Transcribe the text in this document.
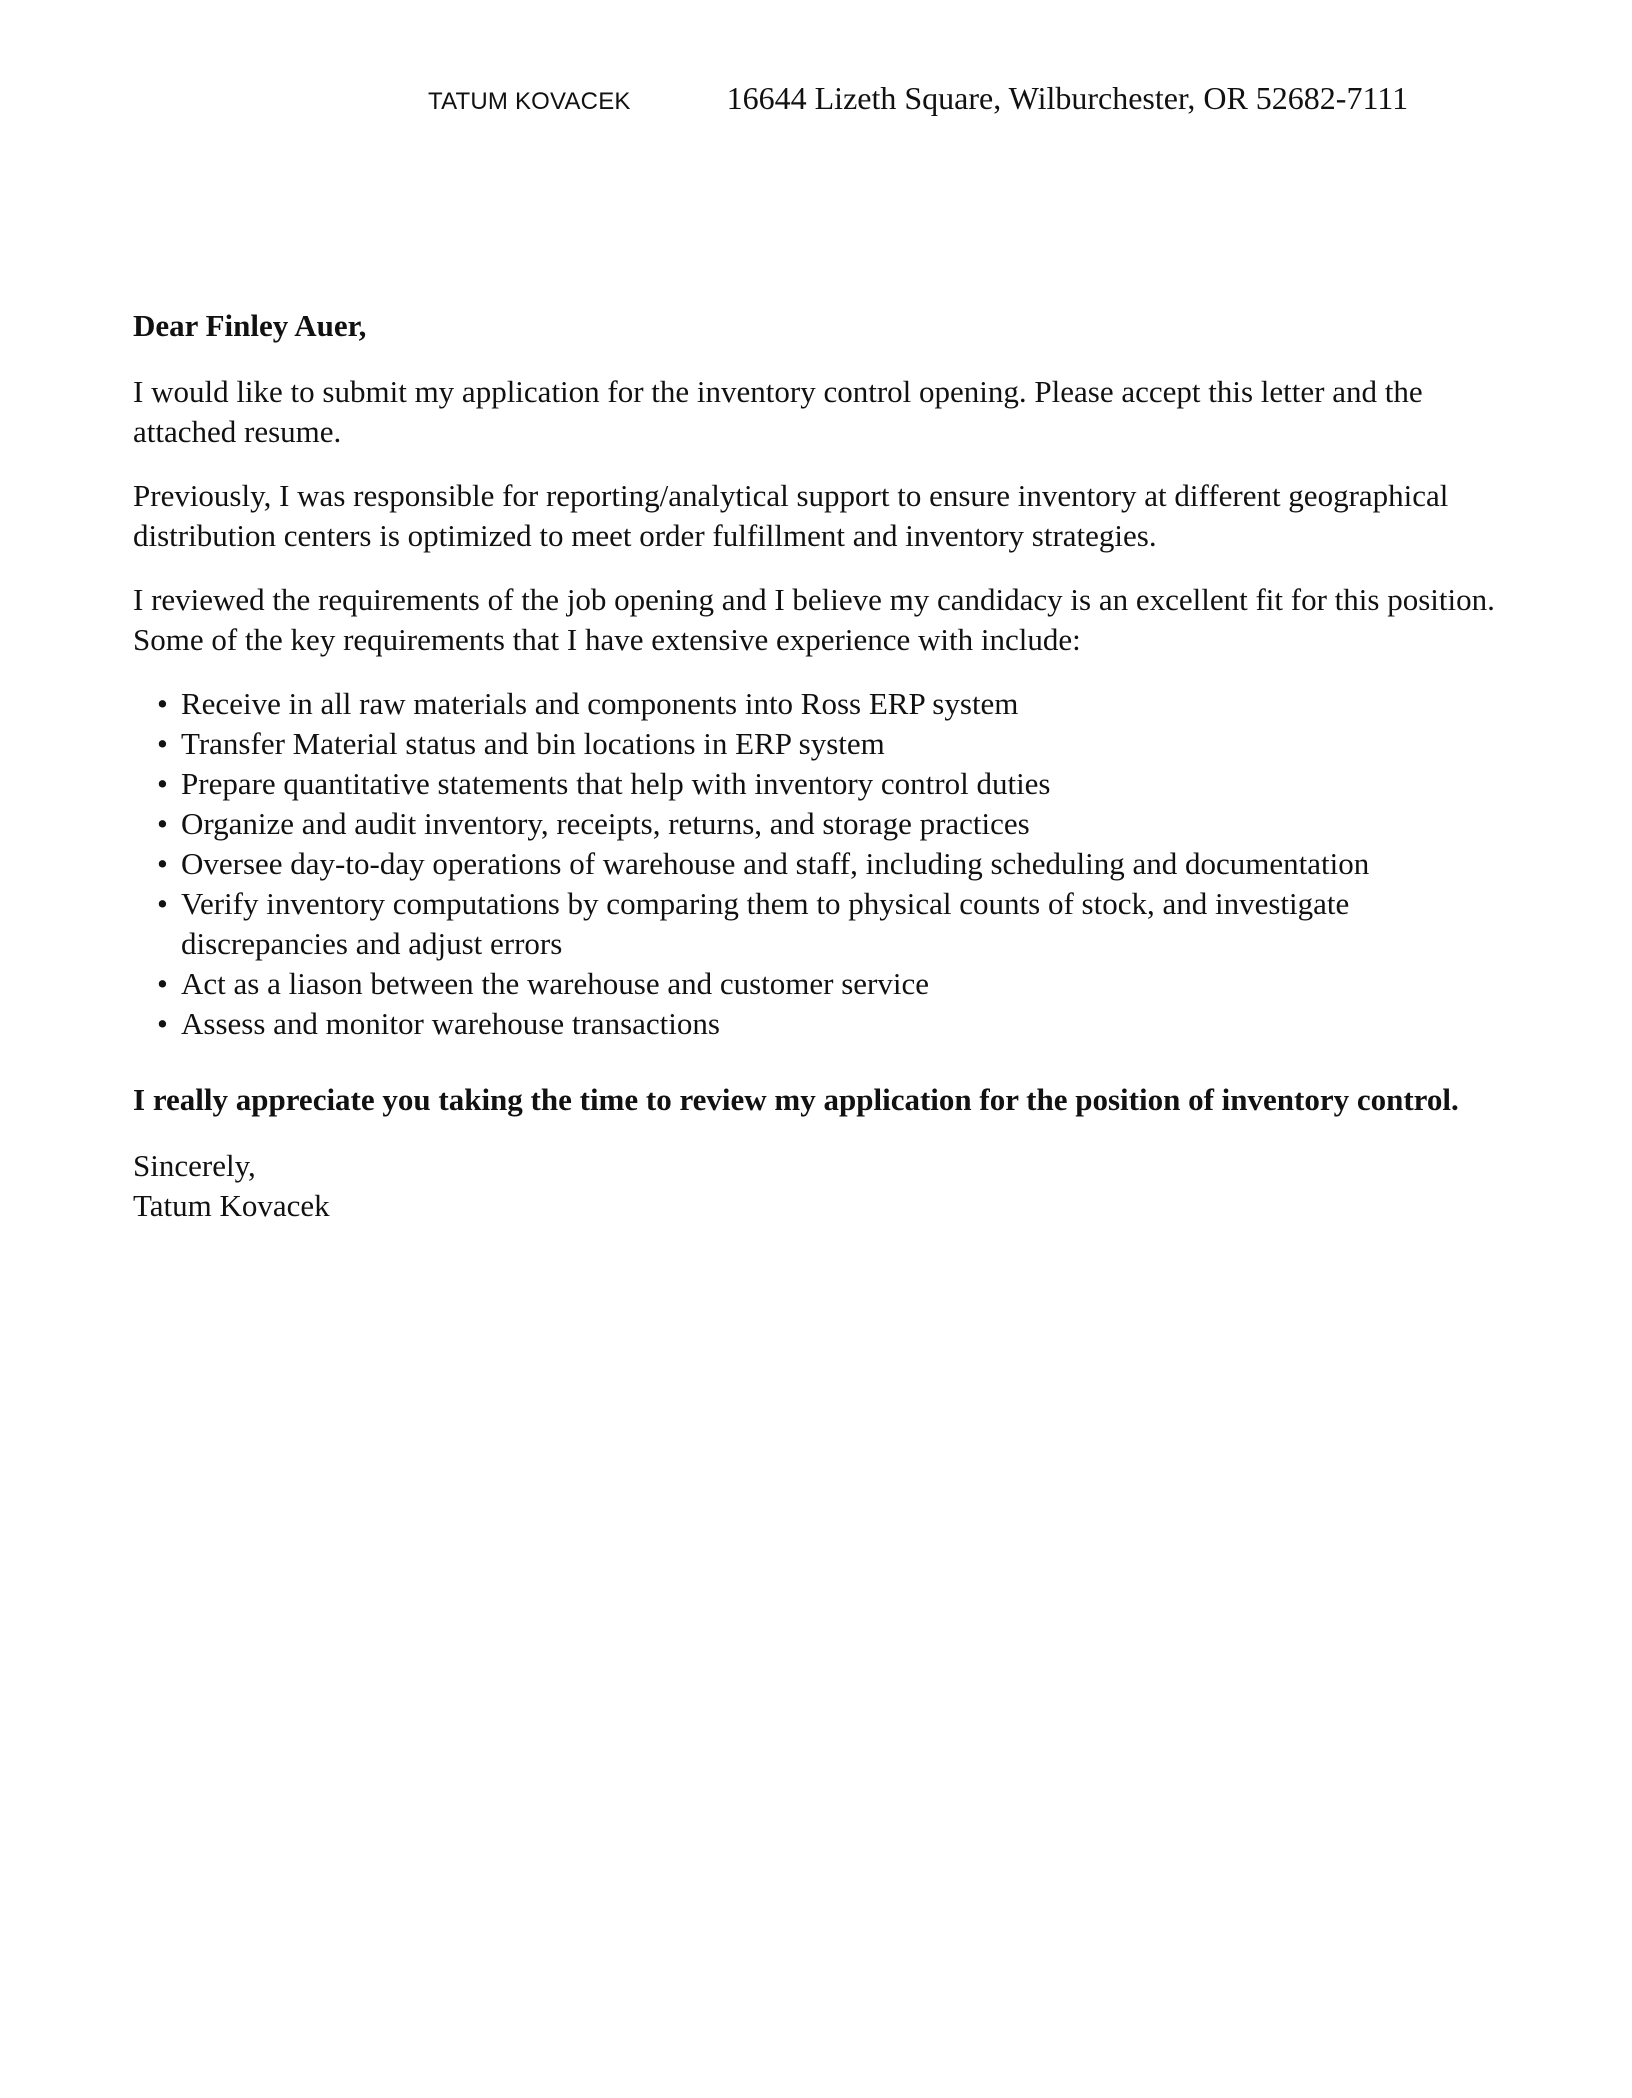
TATUM KOVACEK	16644 Lizeth Square, Wilburchester, OR 52682-7111

Dear Finley Auer,

I would like to submit my application for the inventory control opening. Please accept this letter and the attached resume.

Previously, I was responsible for reporting/analytical support to ensure inventory at different geographical distribution centers is optimized to meet order fulfillment and inventory strategies.

I reviewed the requirements of the job opening and I believe my candidacy is an excellent fit for this position. Some of the key requirements that I have extensive experience with include:

• Receive in all raw materials and components into Ross ERP system
• Transfer Material status and bin locations in ERP system
• Prepare quantitative statements that help with inventory control duties
• Organize and audit inventory, receipts, returns, and storage practices
• Oversee day-to-day operations of warehouse and staff, including scheduling and documentation
• Verify inventory computations by comparing them to physical counts of stock, and investigate discrepancies and adjust errors
• Act as a liason between the warehouse and customer service
• Assess and monitor warehouse transactions

I really appreciate you taking the time to review my application for the position of inventory control.

Sincerely,

Tatum Kovacek
